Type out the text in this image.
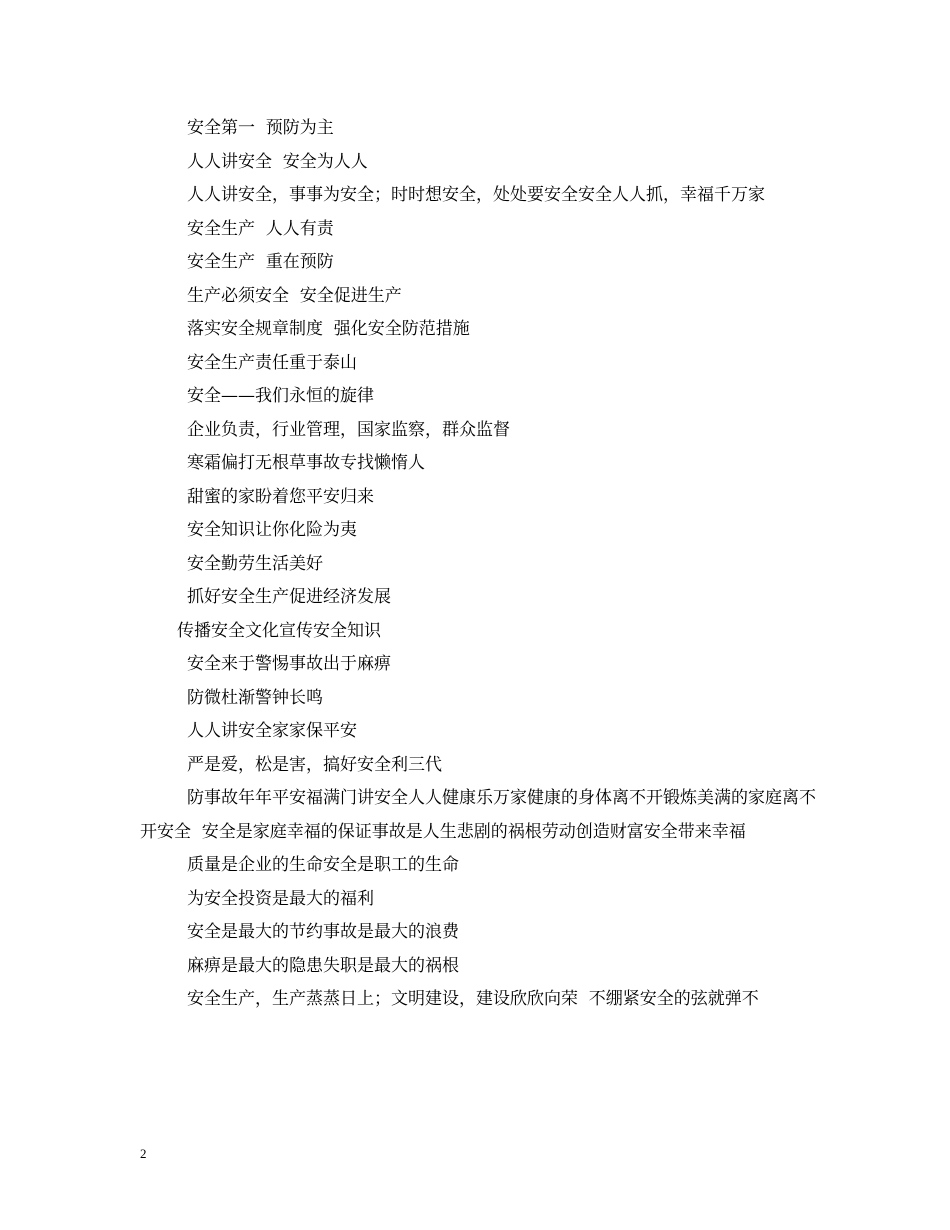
安全第一  预防为主

人人讲安全  安全为人人

人人讲安全，事事为安全；时时想安全，处处要安全安全人人抓，幸福千万家

安全生产  人人有责

安全生产  重在预防

生产必须安全  安全促进生产

落实安全规章制度  强化安全防范措施

安全生产责任重于泰山

安全——我们永恒的旋律

企业负责，行业管理，国家监察，群众监督

寒霜偏打无根草事故专找懒惰人

甜蜜的家盼着您平安归来

安全知识让你化险为夷

安全勤劳生活美好

抓好安全生产促进经济发展

传播安全文化宣传安全知识

安全来于警惕事故出于麻痹

防微杜渐警钟长鸣

人人讲安全家家保平安

严是爱，松是害，搞好安全利三代

防事故年年平安福满门讲安全人人健康乐万家健康的身体离不开锻炼美满的家庭离不开安全  安全是家庭幸福的保证事故是人生悲剧的祸根劳动创造财富安全带来幸福

质量是企业的生命安全是职工的生命

为安全投资是最大的福利

安全是最大的节约事故是最大的浪费

麻痹是最大的隐患失职是最大的祸根

安全生产，生产蒸蒸日上；文明建设，建设欣欣向荣  不绷紧安全的弦就弹不

2
